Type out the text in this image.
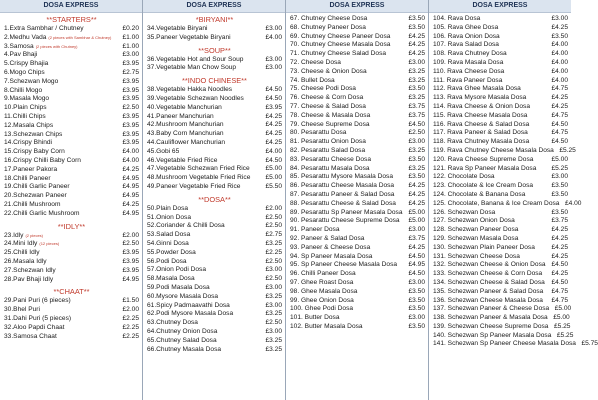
DOSA EXPRESS
**STARTERS**
1.Extra Sambhar / Chutney	£0.20
2.Medhu Vada (2 pieces with Sambhar & Chutney)	£1.00
3.Samosa (2 pieces with Chutney)	£1.00
4.Pav Bhaji	£3.00
5.Crispy Bhajia	£3.95
6.Mogo Chips	£2.75
7.Schezwan Mogo	£3.95
8.Chilli Mogo	£3.95
9.Masala Mogo	£3.95
10.Plain Chips	£2.50
11.Chilli Chips	£3.95
12.Masala Chips	£3.95
13.Schezwan Chips	£3.95
14.Crispy Bhindi	£3.95
15.Crispy Baby Corn	£4.00
16.Crispy Chilli Baby Corn	£4.00
17.Paneer Pakora	£4.25
18.Chilli Paneer	£4.95
19.Chilli Garlic Paneer	£4.95
20.Schezwan Paneer	£4.95
21.Chilli Mushroom	£4.25
22.Chilli Garlic Mushroom	£4.95
**IDLY**
23.Idly (2 pieces)	£2.00
24.Mini Idly (12 pieces)	£2.50
25.Chilli Idly	£3.95
26.Masala Idly	£3.95
27.Schezwan Idly	£3.95
28.Pav Bhaji Idly	£4.95
**CHAAT**
29.Pani Puri (6 pieces)	£1.50
30.Bhel Puri	£2.00
31.Dahi Puri (5 pieces)	£2.25
32.Aloo Papdi Chaat	£2.25
33.Samosa Chaat	£2.25
DOSA EXPRESS
*BIRYANI**
34.Vegetable Biryani	£3.00
35.Paneer Vegetable Biryani	£4.00
**SOUP**
36.Vegetable Hot and Sour Soup	£3.00
37.Vegetable Man Chow Soup	£3.00
**INDO CHINESE**
38.Vegetable Hakka Noodles	£4.50
39.Vegetable Schezwan Noodles	£4.50
40.Vegetable Manchurian	£3.95
41.Paneer Manchurian	£4.25
42.Mushroom Manchurian	£4.25
43.Baby Corn Manchurian	£4.25
44.Cauliflower Manchurian	£4.25
45.Gobi 65	£4.00
46.Vegetable Fried Rice	£4.50
47.Vegetable Schezwan Fried Rice	£5.00
48.Mushroom Vegetable Fried Rice	£5.00
49.Paneer Vegetable Fried Rice	£5.50
**DOSA**
50.Plain Dosa	£2.00
51.Onion Dosa	£2.50
52.Coriander & Chilli Dosa	£2.50
53.Salad Dosa	£2.75
54.Ginni Dosa	£3.25
55.Powder Dosa	£2.25
56.Podi Dosa	£2.50
57.Onion Podi Dosa	£3.00
58.Masala Dosa	£2.50
59.Podi Masala Dosa	£3.00
60.Mysore Masala Dosa	£3.25
61.Spicy Padmaavathi Dosa	£3.00
62.Podi Mysore Masala Dosa	£3.25
63.Chutney Dosa	£2.50
64.Chutney Onion Dosa	£3.00
65.Chutney Salad Dosa	£3.25
66.Chutney Masala Dosa	£3.25
DOSA EXPRESS
67. Chutney Cheese Dosa	£3.50
68. Chutney Paneer Dosa	£3.50
69. Chutney Cheese Paneer Dosa	£4.25
70. Chutney Cheese Masala Dosa	£4.25
71. Chutney Cheese Salad Dosa	£4.25
72. Cheese Dosa	£3.00
73. Cheese & Onion Dosa	£3.25
74. Bullet Dosa	£3.25
75. Cheese Podi Dosa	£3.50
76. Cheese & Corn Dosa	£3.25
77. Cheese & Salad Dosa	£3.75
78. Cheese & Masala Dosa	£3.75
79. Cheese Supreme Dosa	£4.50
80. Pesarattu Dosa	£2.50
81. Pesarattu Onion Dosa	£3.00
82. Pesarattu Salad Dosa	£3.25
83. Pesarattu Cheese Dosa	£3.50
84. Pesarattu Masala Dosa	£3.25
85. Pesarattu Mysore Masala Dosa	£3.50
86. Pesarattu Cheese Masala Dosa	£4.25
87. Pesarattu Paneer & Salad Dosa	£4.25
88. Pesarattu Cheese & Salad Dosa	£4.25
89. Pesarattu Sp Paneer Masala Dosa £5.00
90. Pesarattu Cheese Supreme Dosa	£5.00
91. Paneer Dosa	£3.00
92. Paneer & Salad Dosa	£3.75
93. Paneer & Cheese Dosa	£4.25
94. Sp Paneer Masala Dosa	£4.50
95. Sp Paneer Cheese Masala Dosa	£4.95
96. Chilli Paneer Dosa	£4.50
97. Ghee Roast Dosa	£3.00
98. Ghee Masala Dosa	£3.50
99. Ghee Onion Dosa	£3.50
100. Ghee Podi Dosa	£3.50
101. Butter Dosa	£3.00
102. Butter Masala Dosa	£3.50
DOSA EXPRESS
104. Rava Dosa	£3.00
105. Rava Ghee Dosa	£4.25
106. Rava Onion Dosa	£3.50
107. Rava Salad Dosa	£4.00
108. Rava Chutney Dosa	£4.00
109. Rava Masala Dosa	£4.00
110. Rava Cheese Dosa	£4.00
111. Rava Paneer Dosa	£4.00
112. Rava Ghee Masala Dosa	£4.75
113. Rava Mysore Masala Dosa	£4.25
114. Rava Cheese & Onion Dosa	£4.25
115. Rava Cheese Masala Dosa	£4.75
116. Rava Cheese & Salad Dosa	£4.50
117. Rava Paneer & Salad Dosa	£4.75
118. Rava Chutney Masala Dosa	£4.50
119. Rava Chutney Cheese Masala Dosa £5.25
120. Rava Cheese Supreme Dosa	£5.00
121. Rava Sp Paneer Masala Dosa	£5.25
122. Chocolate Dosa	£3.00
123. Chocolate & Ice Cream Dosa	£3.50
124. Chocolate & Banana Dosa	£3.50
125. Chocolate, Banana & Ice Cream Dosa £4.00
126. Schezwan Dosa	£3.50
127. Schezwan Onion Dosa	£3.75
128. Schezwan Paneer Dosa	£4.25
129. Schezwan Masala Dosa	£4.25
130. Schezwan Plain Paneer Dosa	£4.25
131. Schezwan Cheese Dosa	£4.25
132. Schezwan Cheese & Onion Dosa £4.50
133. Schezwan Cheese & Corn Dosa	£4.25
134. Schezwan Cheese & Salad Dosa	£4.50
135. Schezwan Paneer & Salad Dosa	£4.75
136. Schezwan Cheese Masala Dosa	£4.75
137. Schezwan Paneer & Cheese Dosa £5.00
138. Schezwan Paneer & Masala Dosa £5.00
139. Schezwan Cheese Supreme Dosa £5.25
140. Schezwan Sp Paneer Masala Dosa £5.25
141. Schezwan Sp Paneer Cheese Masala Dosa £5.75
